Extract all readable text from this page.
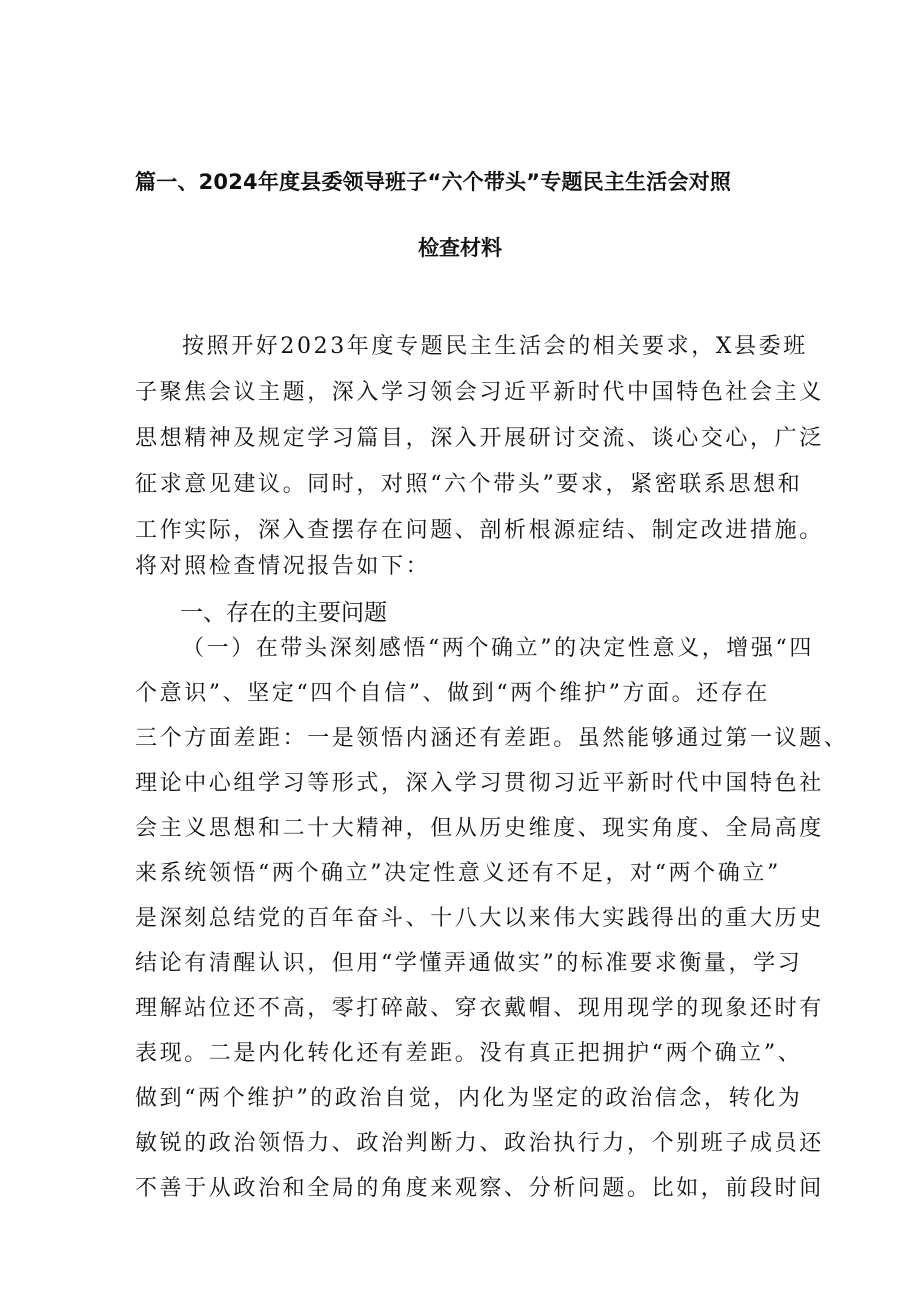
篇一、2024年度县委领导班子“六个带头”专题民主生活会对照
检查材料
按照开好2023年度专题民主生活会的相关要求，X县委班
子聚焦会议主题，深入学习领会习近平新时代中国特色社会主义
思想精神及规定学习篇目，深入开展研讨交流、谈心交心，广泛
征求意见建议。同时，对照“六个带头”要求，紧密联系思想和
工作实际，深入查摆存在问题、剖析根源症结、制定改进措施。
将对照检查情况报告如下：
一、存在的主要问题
（一）在带头深刻感悟“两个确立”的决定性意义，增强“四
个意识”、坚定“四个自信”、做到“两个维护”方面。还存在
三个方面差距：一是领悟内涵还有差距。虽然能够通过第一议题、
理论中心组学习等形式，深入学习贯彻习近平新时代中国特色社
会主义思想和二十大精神，但从历史维度、现实角度、全局高度
来系统领悟“两个确立”决定性意义还有不足，对“两个确立”
是深刻总结党的百年奋斗、十八大以来伟大实践得出的重大历史
结论有清醒认识，但用“学懂弄通做实”的标准要求衡量，学习
理解站位还不高，零打碎敲、穿衣戴帽、现用现学的现象还时有
表现。二是内化转化还有差距。没有真正把拥护“两个确立”、
做到“两个维护”的政治自觉，内化为坚定的政治信念，转化为
敏锐的政治领悟力、政治判断力、政治执行力，个别班子成员还
不善于从政治和全局的角度来观察、分析问题。比如，前段时间
